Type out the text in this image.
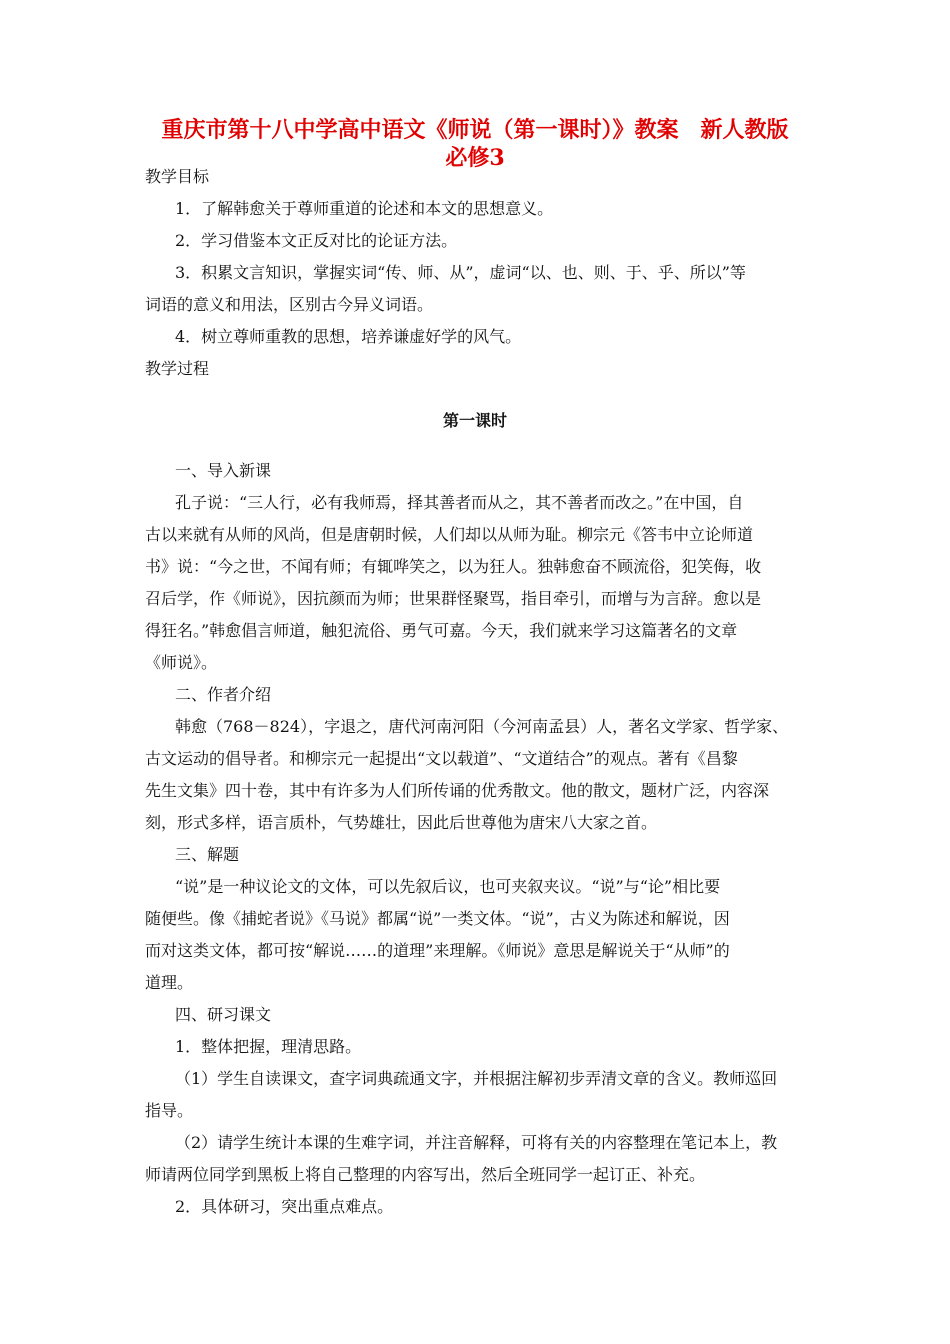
重庆市第十八中学高中语文《师说（第一课时）》教案　新人教版
必修3
教学目标
1．了解韩愈关于尊师重道的论述和本文的思想意义。
2．学习借鉴本文正反对比的论证方法。
3．积累文言知识，掌握实词“传、师、从”，虚词“以、也、则、于、乎、所以”等
词语的意义和用法，区别古今异义词语。
4．树立尊师重教的思想，培养谦虚好学的风气。
教学过程
第一课时
一、导入新课
孔子说：“三人行，必有我师焉，择其善者而从之，其不善者而改之。”在中国，自
古以来就有从师的风尚，但是唐朝时候，人们却以从师为耻。柳宗元《答韦中立论师道
书》说：“今之世，不闻有师；有辄哗笑之，以为狂人。独韩愈奋不顾流俗，犯笑侮，收
召后学，作《师说》，因抗颜而为师；世果群怪聚骂，指目牵引，而增与为言辞。愈以是
得狂名。”韩愈倡言师道，触犯流俗、勇气可嘉。今天，我们就来学习这篇著名的文章
《师说》。
二、作者介绍
韩愈（768－824），字退之，唐代河南河阳（今河南孟县）人，著名文学家、哲学家、
古文运动的倡导者。和柳宗元一起提出“文以载道”、“文道结合”的观点。著有《昌黎
先生文集》四十卷，其中有许多为人们所传诵的优秀散文。他的散文，题材广泛，内容深
刻，形式多样，语言质朴，气势雄壮，因此后世尊他为唐宋八大家之首。
三、解题
“说”是一种议论文的文体，可以先叙后议，也可夹叙夹议。“说”与“论”相比要
随便些。像《捕蛇者说》《马说》都属“说”一类文体。“说”，古义为陈述和解说，因
而对这类文体，都可按“解说……的道理”来理解。《师说》意思是解说关于“从师”的
道理。
四、研习课文
1．整体把握，理清思路。
（1）学生自读课文，查字词典疏通文字，并根据注解初步弄清文章的含义。教师巡回
指导。
（2）请学生统计本课的生难字词，并注音解释，可将有关的内容整理在笔记本上，教
师请两位同学到黑板上将自己整理的内容写出，然后全班同学一起订正、补充。
2．具体研习，突出重点难点。
